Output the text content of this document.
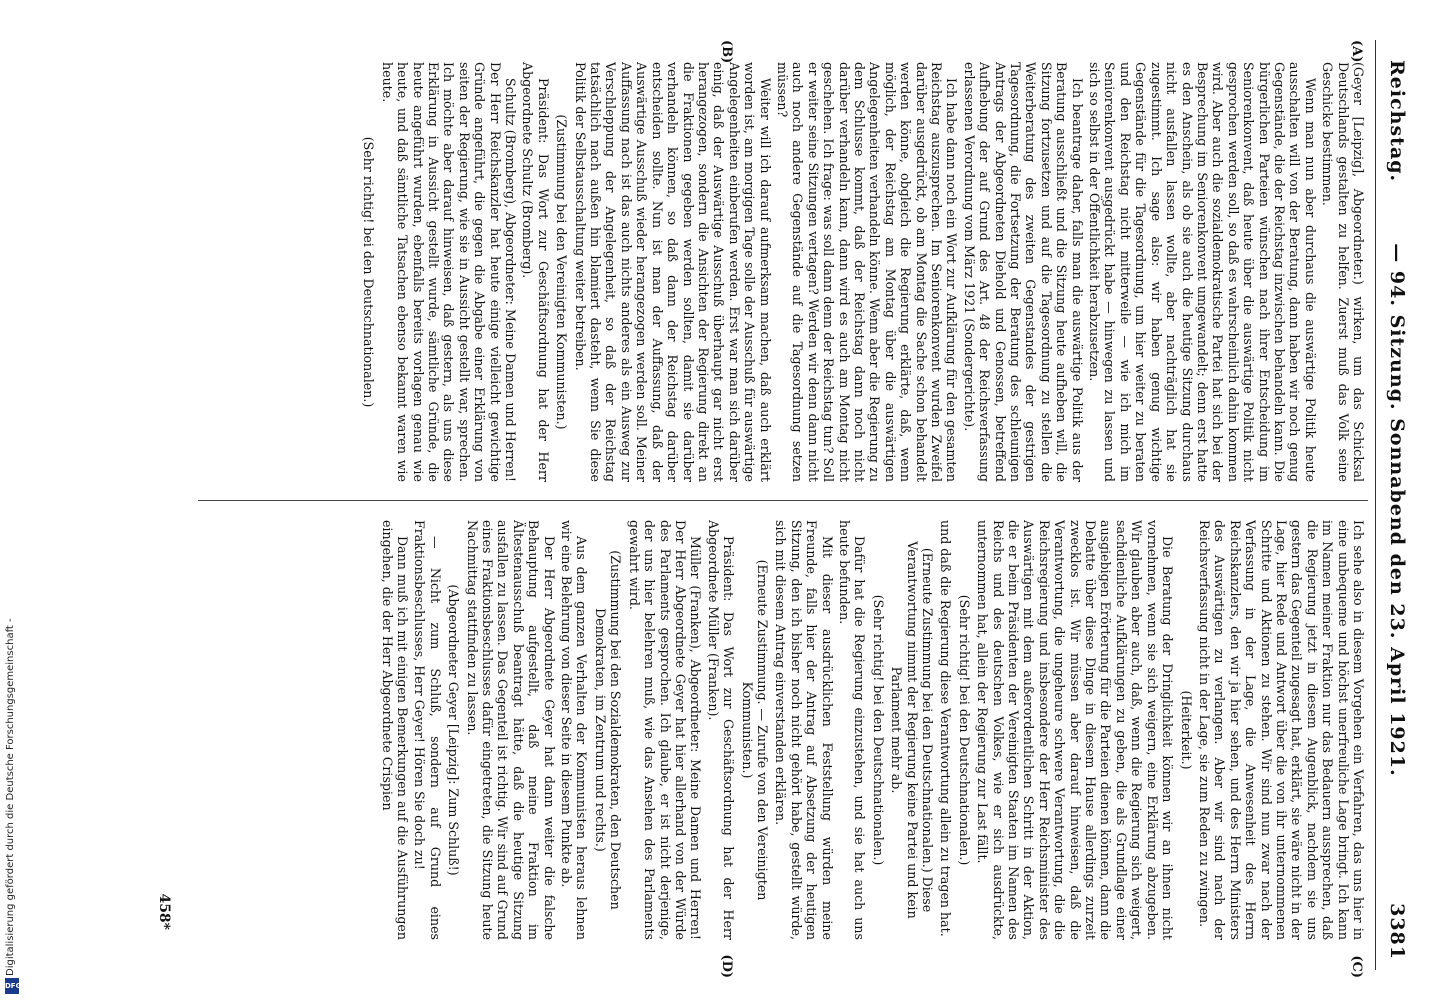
Digitalisierung gefördert durch die Deutsche Forschungsgemeinschaft -
DFG
Reichstag.
— 94. Sitzung. Sonnabend den 23. April 1921.
3381
(A)
(B)
(C)
(D)

(Geyer [Leipzig], Abgeordneter.) wirken, um das Schicksal Deutschlands gestalten zu helfen. Zuerst muß das Volk seine Geschicke bestimmen.

Wenn man nun aber durchaus die auswärtige Politik heute ausschalten will von der Beratung, dann haben wir noch genug Gegenstände, die der Reichstag inzwischen behandeln kann. Die bürgerlichen Parteien wünschen nach ihrer Entscheidung im Seniorenkonvent, daß heute über die auswärtige Politik nicht gesprochen werden soll, so daß es wahrscheinlich dahin kommen wird. Aber auch die sozialdemokratische Partei hat sich bei der Besprechung im Seniorenkonvent umgewandelt; denn erst hatte es den Anschein, als ob sie auch die heutige Sitzung durchaus nicht ausfallen lassen wollte, aber nachträglich hat sie zugestimmt. Ich sage also: wir haben genug wichtige Gegenstände für die Tagesordnung, um hier weiter zu beraten und den Reichstag nicht mitterweile — wie ich mich im Seniorenkonvent ausgedrückt habe — hinwegen zu lassen und sich so selbst in der Öffentlichkeit herabzusetzen.

Ich beantrage daher, falls man die auswärtige Politik aus der Beratung ausschließt und die Sitzung heute aufheben will, die Sitzung fortzusetzen und auf die Tagesordnung zu stellen die Weiterberatung des zweiten Gegenstandes der gestrigen Tagesordnung, die Fortsetzung der Beratung des schleunigen Antrags der Abgeordneten Diehold und Genossen, betreffend Aufhebung der auf Grund des Art. 48 der Reichsverfassung erlassenen Verordnung vom März 1921 (Sondergerichte).

Ich habe dann noch ein Wort zur Aufklärung für den gesamten Reichstag auszusprechen. Im Seniorenkonvent wurden Zweifel darüber ausgedrückt, ob am Montag die Sache schon behandelt werden könne, obgleich die Regierung erklärte, daß, wenn möglich, der Reichstag am Montag über die auswärtigen Angelegenheiten verhandeln könne. Wenn aber die Regierung zu dem Schlusse kommt, daß der Reichstag dann noch nicht darüber verhandeln kann, dann wird es auch am Montag nicht geschehen. Ich frage: was soll dann denn der Reichstag tun? Soll er weiter seine Sitzungen vertagen? Werden wir denn dann nicht auch noch andere Gegenstände auf die Tagesordnung setzen müssen?

Weiter will ich darauf aufmerksam machen, daß auch erklärt worden ist, am morgigen Tage solle der Ausschuß für auswärtige Angelegenheiten einberufen werden. Erst war man sich darüber einig, daß der Auswärtige Ausschuß überhaupt gar nicht erst herangezogen, sondern die Ansichten der Regierung direkt an die Fraktionen gegeben werden sollten, damit sie darüber verhandeln können, so daß dann der Reichstag darüber entscheiden sollte. Nun ist man der Auffassung, daß der Auswärtige Ausschuß wieder herangezogen werden soll. Meiner Auffassung nach ist das auch nichts anderes als ein Ausweg zur Verschleppung der Angelegenheit, so daß der Reichstag tatsächlich nach außen hin blamiert dasteht, wenn Sie diese Politik der Selbstausschaltung weiter betreiben.

(Zustimmung bei den Vereinigten Kommunisten.)

Präsident: Das Wort zur Geschäftsordnung hat der Herr Abgeordnete Schultz (Bromberg).

Schultz (Bromberg), Abgeordneter: Meine Damen und Herren! Der Herr Reichskanzler hat heute einige vielleicht gewichtige Gründe angeführt, die gegen die Abgabe einer Erklärung von seiten der Regierung, wie sie in Aussicht gestellt war, sprechen. Ich möchte aber darauf hinweisen, daß gestern, als uns diese Erklärung in Aussicht gestellt wurde, sämtliche Gründe, die heute angeführt wurden, ebenfalls bereits vorlagen genau wie heute, und daß sämtliche Tatsachen ebenso bekannt waren wie heute.

(Sehr richtig! bei den Deutschnationalen.)

Ich sehe also in diesem Vorgehen ein Verfahren, das uns hier in eine unbequeme und höchst unerfreuliche Lage bringt. Ich kann im Namen meiner Fraktion nur das Bedauern aussprechen, daß die Regierung jetzt in diesem Augenblick, nachdem sie uns gestern das Gegenteil zugesagt hat, erklärt, sie wäre nicht in der Lage, hier Rede und Antwort über die von ihr unternommenen Schritte und Aktionen zu stehen. Wir sind nun zwar nach der Verfassung in der Lage, die Anwesenheit des Herrn Reichskanzlers, den wir ja hier sehen, und des Herrn Ministers des Auswärtigen zu verlangen. Aber wir sind nach der Reichsverfassung nicht in der Lage, sie zum Reden zu zwingen.

(Heiterkeit.)

Die Beratung der Dringlichkeit können wir an ihnen nicht vornehmen, wenn sie sich weigern, eine Erklärung abzugeben. Wir glauben aber auch, daß, wenn die Regierung sich weigert, sachdienliche Aufklärungen zu geben, die als Grundlage einer ausgiebigen Erörterung für die Parteien dienen können, dann die Debatte über diese Dinge in diesem Hause allerdings zurzeit zwecklos ist. Wir müssen aber darauf hinweisen, daß die Verantwortung, die ungeheure schwere Verantwortung, die die Reichsregierung und insbesondere der Herr Reichsminister des Auswärtigen mit dem außerordentlichen Schritt in der Aktion, die er beim Präsidenten der Vereinigten Staaten im Namen des Reichs und des deutschen Volkes, wie er sich ausdrückte, unternommen hat, allein der Regierung zur Last fällt.

(Sehr richtig! bei den Deutschnationalen.)

und daß die Regierung diese Verantwortung allein zu tragen hat.

(Erneute Zustimmung bei den Deutschnationalen.) Diese Verantwortung nimmt der Regierung keine Partei und kein Parlament mehr ab.

(Sehr richtig! bei den Deutschnationalen.)

Dafür hat die Regierung einzustehen, und sie hat auch uns heute befunden.

Mit dieser ausdrücklichen Feststellung würden meine Freunde, falls hier der Antrag auf Absetzung der heutigen Sitzung, den ich bisher noch nicht gehört habe, gestellt würde, sich mit diesem Antrag einverstanden erklären.

(Erneute Zustimmung. — Zurufe von den Vereinigten Kommunisten.)

Präsident: Das Wort zur Geschäftsordnung hat der Herr Abgeordnete Müller (Franken).

Müller (Franken), Abgeordneter: Meine Damen und Herren! Der Herr Abgeordnete Geyer hat hier allerhand von der Würde des Parlaments gesprochen. Ich glaube, er ist nicht derjenige, der uns hier belehren muß, wie das Ansehen des Parlaments gewahrt wird.

(Zustimmung bei den Sozialdemokraten, den Deutschen Demokraten, im Zentrum und rechts.)

Aus dem ganzen Verhalten der Kommunisten heraus lehnen wir eine Belehrung von dieser Seite in diesem Punkte ab.

Der Herr Abgeordnete Geyer hat dann weiter die falsche Behauptung aufgestellt, daß meine Fraktion im Ältestenausschuß beantragt hätte, daß die heutige Sitzung ausfallen zu lassen. Das Gegenteil ist richtig. Wir sind auf Grund eines Fraktionsbeschlusses dafür eingetreten, die Sitzung heute Nachmittag stattfinden zu lassen.

(Abgeordneter Geyer [Leipzig]: Zum Schluß!)

— Nicht zum Schluß, sondern auf Grund eines Fraktionsbeschlusses, Herr Geyer! Hören Sie doch zu!

Dann muß ich mit einigen Bemerkungen auf die Ausführungen eingehen, die der Herr Abgeordnete Crispien

458*
